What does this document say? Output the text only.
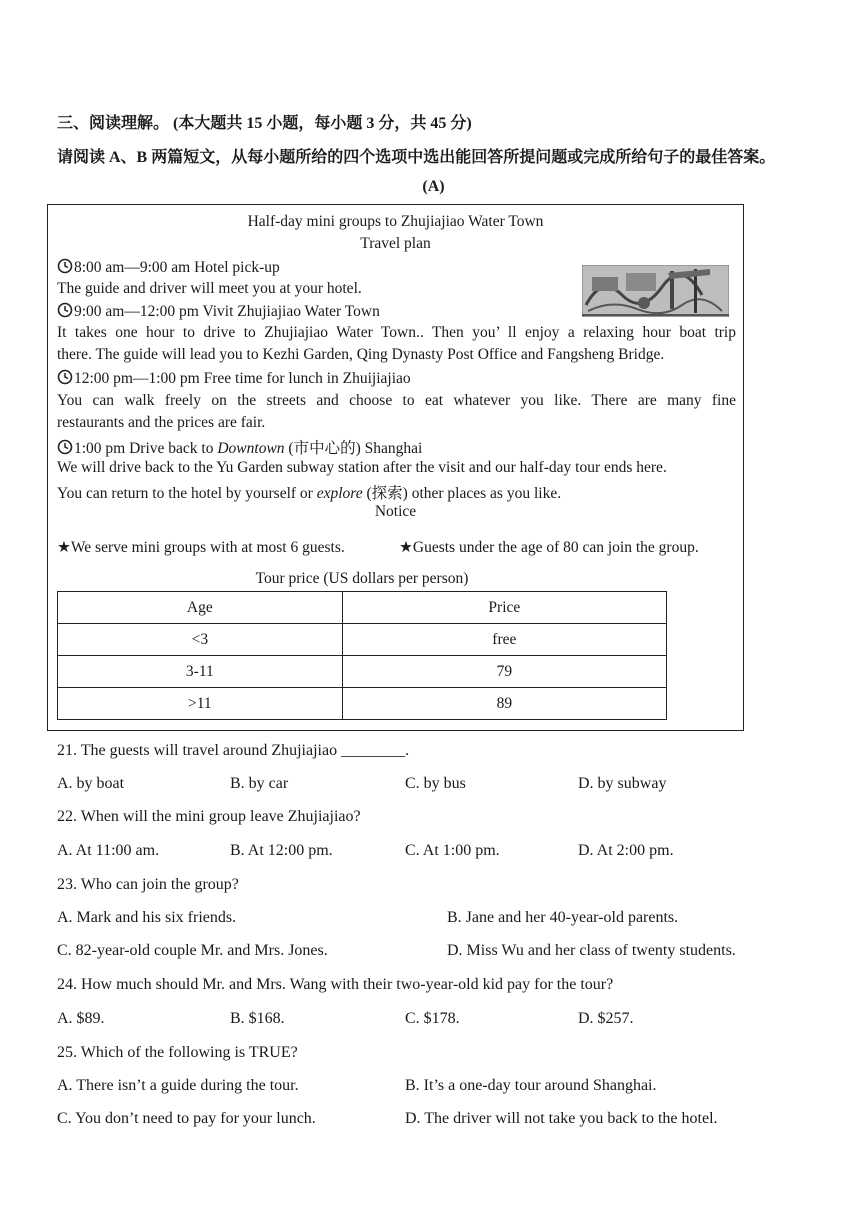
三、阅读理解。 (本大题共 15 小题，每小题 3 分，共 45 分)
请阅读 A、B 两篇短文，从每小题所给的四个选项中选出能回答所提问题或完成所给句子的最佳答案。
(A)
Half-day mini groups to Zhujiajiao Water Town
Travel plan
8:00 am—9:00 am Hotel pick-up
The guide and driver will meet you at your hotel.
9:00 am—12:00 pm Vivit Zhujiajiao Water Town
It takes one hour to drive to Zhujiajiao Water Town.. Then you’ ll enjoy a relaxing hour boat trip
there. The guide will lead you to Kezhi Garden, Qing Dynasty Post Office and Fangsheng Bridge.
12:00 pm—1:00 pm Free time for lunch in Zhuijiajiao
You can walk freely on the streets and choose to eat whatever you like. There are many fine
restaurants and the prices are fair.
1:00 pm Drive back to Downtown (市中心的) Shanghai
We will drive back to the Yu Garden subway station after the visit and our half-day tour ends here.
You can return to the hotel by yourself or explore (探索) other places as you like.
Notice
★We serve mini groups with at most 6 guests.	★Guests under the age of 80 can join the group.
Tour price (US dollars per person)
Age	Price
<3	free
3-11	79
>11	89
21. The guests will travel around Zhujiajiao ________.
A. by boat	B. by car	C. by bus	D. by subway
22. When will the mini group leave Zhujiajiao?
A. At 11:00 am.	B. At 12:00 pm.	C. At 1:00 pm.	D. At 2:00 pm.
23. Who can join the group?
A. Mark and his six friends.	B. Jane and her 40-year-old parents.
C. 82-year-old couple Mr. and Mrs. Jones.	D. Miss Wu and her class of twenty students.
24. How much should Mr. and Mrs. Wang with their two-year-old kid pay for the tour?
A. $89.	B. $168.	C. $178.	D. $257.
25. Which of the following is TRUE?
A. There isn’t a guide during the tour.	B. It’s a one-day tour around Shanghai.
C. You don’t need to pay for your lunch.	D. The driver will not take you back to the hotel.
